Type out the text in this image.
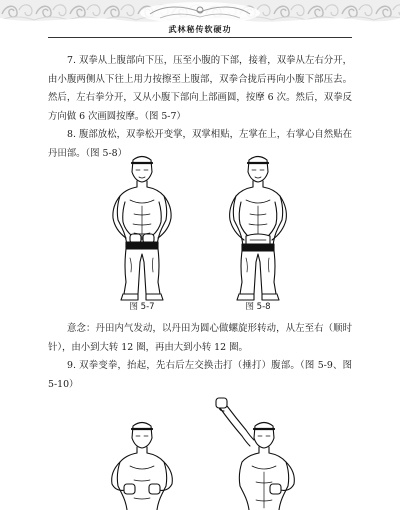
武林秘传软硬功

7. 双拳从上腹部向下压，压至小腹的下部，接着，双拳从左右分开，由小腹两侧从下往上用力按擦至上腹部，双拳合拢后再向小腹下部压去。然后，左右拳分开，又从小腹下部向上部画圆，按摩 6 次。然后，双拳反方向做 6 次画圆按摩。（图 5-7）

8. 腹部放松，双拳松开变掌，双掌相贴，左掌在上，右掌心自然贴在丹田部。（图 5-8）

图 5-7	图 5-8

意念：丹田内气发动，以丹田为圆心做螺旋形转动，从左至右（顺时针），由小到大转 12 圈，再由大到小转 12 圈。

9. 双拳变拳，抬起，先右后左交换击打（捶打）腹部。（图 5-9、图 5-10）
